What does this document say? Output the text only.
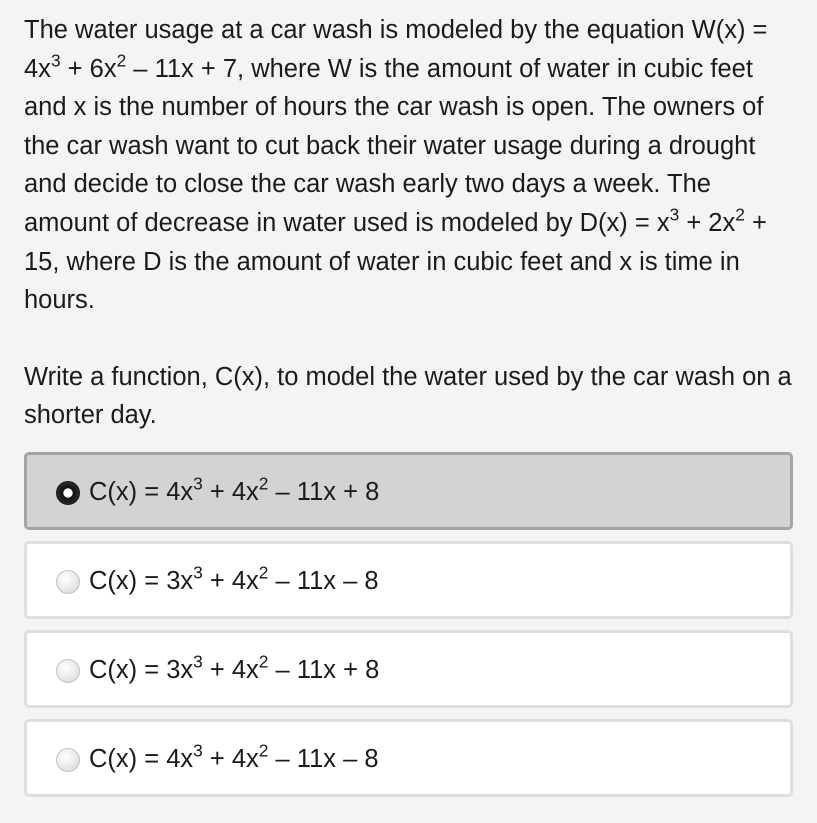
The water usage at a car wash is modeled by the equation $W(x) = 4x^3 + 6x^2 - 11x + 7$, where W is the amount of water in cubic feet and x is the number of hours the car wash is open. The owners of the car wash want to cut back their water usage during a drought and decide to close the car wash early two days a week. The amount of decrease in water used is modeled by $D(x) = x^3 + 2x^2 + 15$, where D is the amount of water in cubic feet and x is time in hours.

Write a function, C(x), to model the water used by the car wash on a shorter day.

$C(x) = 4x^3 + 4x^2 - 11x + 8$
$C(x) = 3x^3 + 4x^2 - 11x - 8$
$C(x) = 3x^3 + 4x^2 - 11x + 8$
$C(x) = 4x^3 + 4x^2 - 11x - 8$
